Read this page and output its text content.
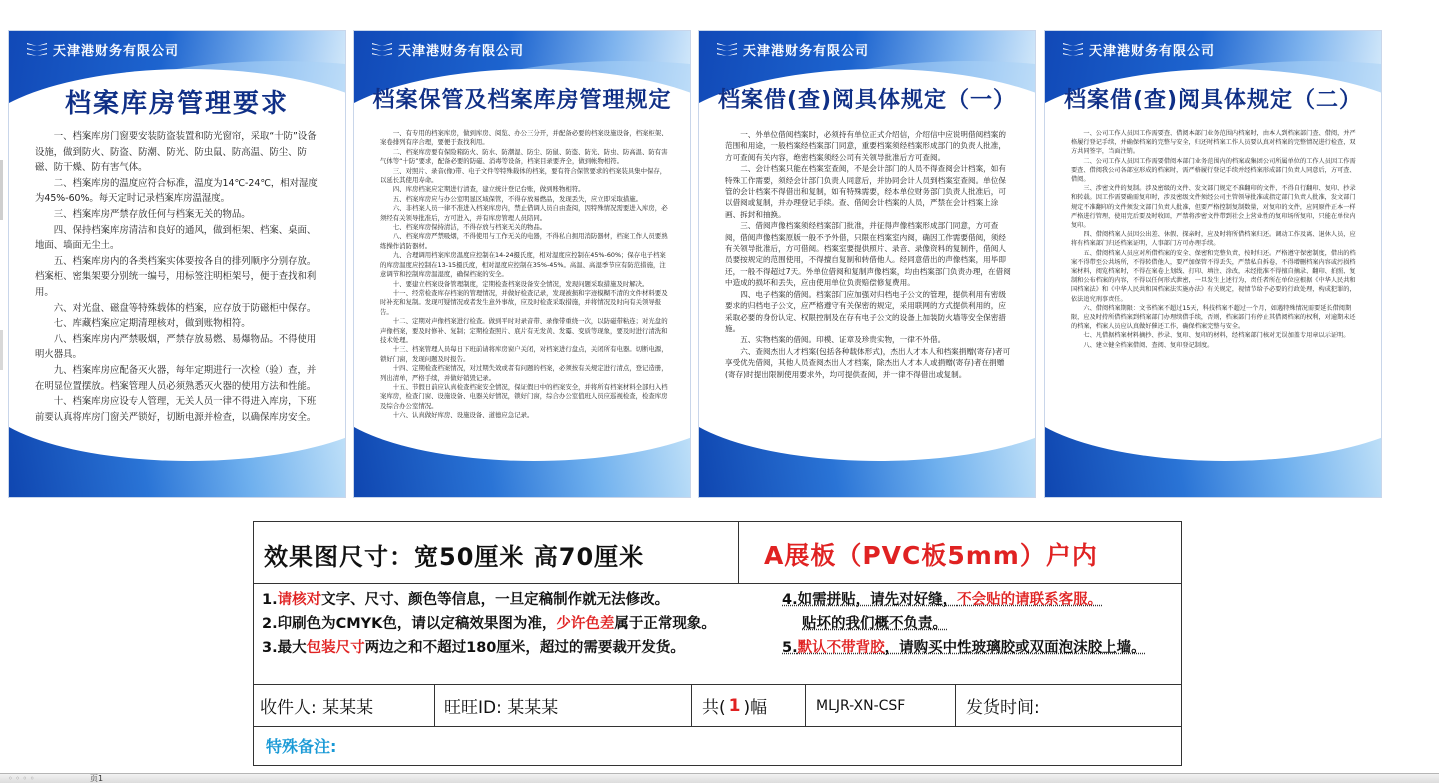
天津港财务有限公司
档案库房管理要求

一、档案库房门窗要安装防盗装置和防光窗帘，采取“十防”设备设施，做到防火、防盗、防潮、防光、防虫鼠、防高温、防尘、防磁、防干燥、防有害气体。

二、档案库房的温度应符合标准，温度为14℃-24℃，相对湿度为45%-60%。每天定时记录档案库房温湿度。

三、档案库房严禁存放任何与档案无关的物品。

四、保持档案库房清洁和良好的通风，做到柜架、档案、桌面、地面、墙面无尘土。

五、档案库房内的各类档案实体要按各自的排列顺序分别存放。档案柜、密集架要分别统一编号，用标签注明柜架号，便于查找和利用。

六、对光盘、磁盘等特殊载体的档案，应存放于防磁柜中保存。

七、库藏档案应定期清理核对，做到账物相符。

八、档案库房内严禁吸烟，严禁存放易燃、易爆物品。不得使用明火器具。

九、档案库房应配备灭火器，每年定期进行一次检（验）查，并在明显位置摆放。档案管理人员必须熟悉灭火器的使用方法和性能。

十、档案库房应设专人管理，无关人员一律不得进入库房，下班前要认真将库房门窗关严锁好，切断电源并检查，以确保库房安全。

天津港财务有限公司
档案保管及档案库房管理规定

一、有专用的档案库房，做到库房、阅览、办公三分开，并配备必要的档案设施设备，档案柜架、案卷排列有序合理，要便于查找利用。

二、档案库房要有保险箱防火、防水、防潮湿、防尘、防鼠、防盗、防光、防虫、防高温、防有害气体等“十防”要求，配备必要的防磁、消毒等设备，档案目录要齐全，做到帐物相符。

三、对照片、录音(像)带、电子文件等特殊载体的档案，要有符合保管要求的档案装具集中保存，以延长其使用寿命。

四、库房档案应定期进行清查，建立统计登记台账，做到账物相符。

五、档案库房应与办公室明显区域保管，不得存放易燃品，发现丢失，应立即采取措施。

六、非档案人员一律不准进入档案库房内，禁止借调人员自由查阅，因特殊情况需要进入库房，必须经有关领导批准后，方可进入，并有库房管理人员陪同。

七、档案库房保持清洁，不得存放与档案无关的物品。

八、档案库房严禁吸烟，不得使用与工作无关的电器，不得私自拥用消防器材，档案工作人员要熟练操作消防器材。

九、合理调用档案库房温度应控制在14-24摄氏度，相对湿度应控制在45%-60%；保存电子档案的库房温度应控制在13-15摄氏度，相对湿度应控制在35%-45%。高温、高湿季节应有防范措施，注意调节和控制库房温湿度，确保档案的安全。

十、要建立档案设备管理制度，定期检查档案设备安全情况，发现问题采取措施及时解决。

十一、经常检查库存档案的管理情况，并做好检查记录，发现被损和字迹模糊不清的文件材料要及时补充和复制。发现可疑情况或者发生意外事故，应及时检查采取措施，并将情况及时向有关领导报告。

十二、定期对声像档案进行检查。做到平时对录音带、录像带重绕一次，以防磁带粘连；对光盘的声像档案，要及时修补、复制；定期检查照片、底片有无发黄、发霉、变质等现象，要及时进行清洗和技术处理。

十三、档案管理人员每日下班前请将库房窗户关闭，对档案进行盘点，关闭所有电器。切断电源，锁好门窗，发现问题及时报告。

十四、定期检查档案情况，对过期失效或者有问题的档案，必须按有关规定进行清点，登记造册，列出清单，严格手续，并做好销毁记录。

十五、节假日前应认真检查档案安全情况，保证假日中的档案安全，并将所有档案材料全部归入档案库房，检查门窗、设施设备、电器关好情况，锁好门窗，综合办公室值班人员应巡视检查，检查库房及综合办公室情况。

十六、认真做好库房、设施设备、道德应急记录。

天津港财务有限公司
档案借(查)阅具体规定（一）

一、外单位借阅档案时，必须持有单位正式介绍信，介绍信中应说明借阅档案的范围和用途，一般档案经档案部门同意，重要档案须经档案形成部门的负责人批准，方可查阅有关内容，绝密档案须经公司有关领导批准后方可查阅。

二、会计档案只能在档案室查阅，不是会计部门的人员不得查阅会计档案，如有特殊工作需要，须经会计部门负责人同意后，并协同会计人员到档案室查阅。单位保管的会计档案不得借出和复制，如有特殊需要，经本单位财务部门负责人批准后，可以借阅或复制，并办理登记手续。查、借阅会计档案的人员，严禁在会计档案上涂画、拆封和抽换。

三、借阅声像档案须经档案部门批准，并征得声像档案形成部门同意，方可查阅，借阅声像档案原版一般不予外借，只限在档案室内阅，确因工作需要借阅，须经有关领导批准后，方可借阅。档案室要提供照片、录音、录像资料的复制件，借阅人员要按规定的范围使用，不得擅自复制和转借他人。经同意借出的声像档案，用毕即还，一般不得超过7天。外单位借阅和复制声像档案，均由档案部门负责办理，在借阅中造成的损坏和丢失，应由使用单位负责赔偿修复费用。

四、电子档案的借阅。档案部门应加强对归档电子公文的管理，提供利用有密级要求的归档电子公文，应严格遵守有关保密的规定，采用联网的方式提供利用的，应采取必要的身份认定、权限控制及在存有电子公文的设备上加装防火墙等安全保密措施。

五、实物档案的借阅。印模、证章及珍贵实物，一律不外借。

六、查阅杰出人才档案(包括各种载体形式)，杰出人才本人和档案捐赠(寄存)者可享受优先借阅，其他人员查阅杰出人才档案，除杰出人才本人或捐赠(寄存)者在捐赠(寄存)时提出限制使用要求外，均可提供查阅，并一律不得借出或复制。

天津港财务有限公司
档案借(查)阅具体规定（二）

一、公司工作人员因工作需要查、借阅本部门业务范围内档案时，由本人到档案部门查、借阅，并严格履行登记手续，并确保档案的完整与安全，归还时档案工作人员要认真对档案的完整情况进行检查，双方共同签字，当面注销。

二、公司工作人员因工作需要借阅本部门业务范围内的档案或集团公司所属单位的工作人员因工作需要查、借阅我公司各部室形成的档案时，需严格履行登记手续并经档案形成部门负责人同意后，方可查、借阅。

三、涉密文件的复制。涉及密级的文件、发文部门规定不准翻印的文件，不得自行翻印、复印、抄录和转载。因工作需要确需复印时，涉及密级文件须经公司主管领导批准或指定部门负责人批准，发文部门规定不准翻印的文件须发文部门负责人批准，但要严格控制复制数量，对复印的文件，应同原件正本一样严格进行管理，使用完后要及时收回，严禁将涉密文件带到社会上营业性的复印场所复印，只能在单位内复印。

四、借阅档案人员因公出差、休假、探亲时，应及时将所借档案归还。调动工作及离、退休人员，应将有档案部门归还档案证明，人事部门方可办理手续。

五、借阅档案人员应对所借档案的安全、保密和完整负责，按时归还。严格遵守保密制度，借出的档案不得带至公共场所，不得转借他人，要严加保管不得丢失，严禁私自拆卷，不得增删档案内容或污损档案材料，阅览档案时，不得在案卷上划线、打印、填注、涂改，未经批准不得擅自摘录、翻印、拍照、复制和公布档案的内容，不得以任何形式泄密，一旦发生上述行为，责任者所在单位应根据《中华人民共和国档案法》和《中华人民共和国档案法实施办法》有关规定，视情节给予必要的行政处理，构成犯罪的，依法追究刑事责任。

六、借阅档案期限：文书档案不超过15天，科技档案不超过一个月，如遇特殊情况需要延长借阅期限，应及时持所借档案到档案部门办理续借手续，否则，档案部门有停止其借阅档案的权利，对逾期未还的档案，档案人员应认真做好催还工作，确保档案完整与安全。

七、凡借据档案材料摘抄、抄录、复印、复印的材料，经档案部门核对无误加盖专用章以示证明。

八、建立健全档案借阅、查阅、复印登记制度。

效果图尺寸：宽50厘米 高70厘米	A展板（PVC板5mm）户内
1.请核对文字、尺寸、颜色等信息，一旦定稿制作就无法修改。	4.如需拼贴，请先对好缝，不会贴的请联系客服。
2.印刷色为CMYK色，请以定稿效果图为准，少许色差属于正常现象。	贴坏的我们概不负责。
3.最大包装尺寸两边之和不超过180厘米，超过的需要裁开发货。	5.默认不带背胶，请购买中性玻璃胶或双面泡沫胶上墙。
收件人: 某某某	旺旺ID: 某某某	共( 1 )幅	MLJR-XN-CSF	发货时间:
特殊备注:
◦ ◦ ◦ ◦	页1
